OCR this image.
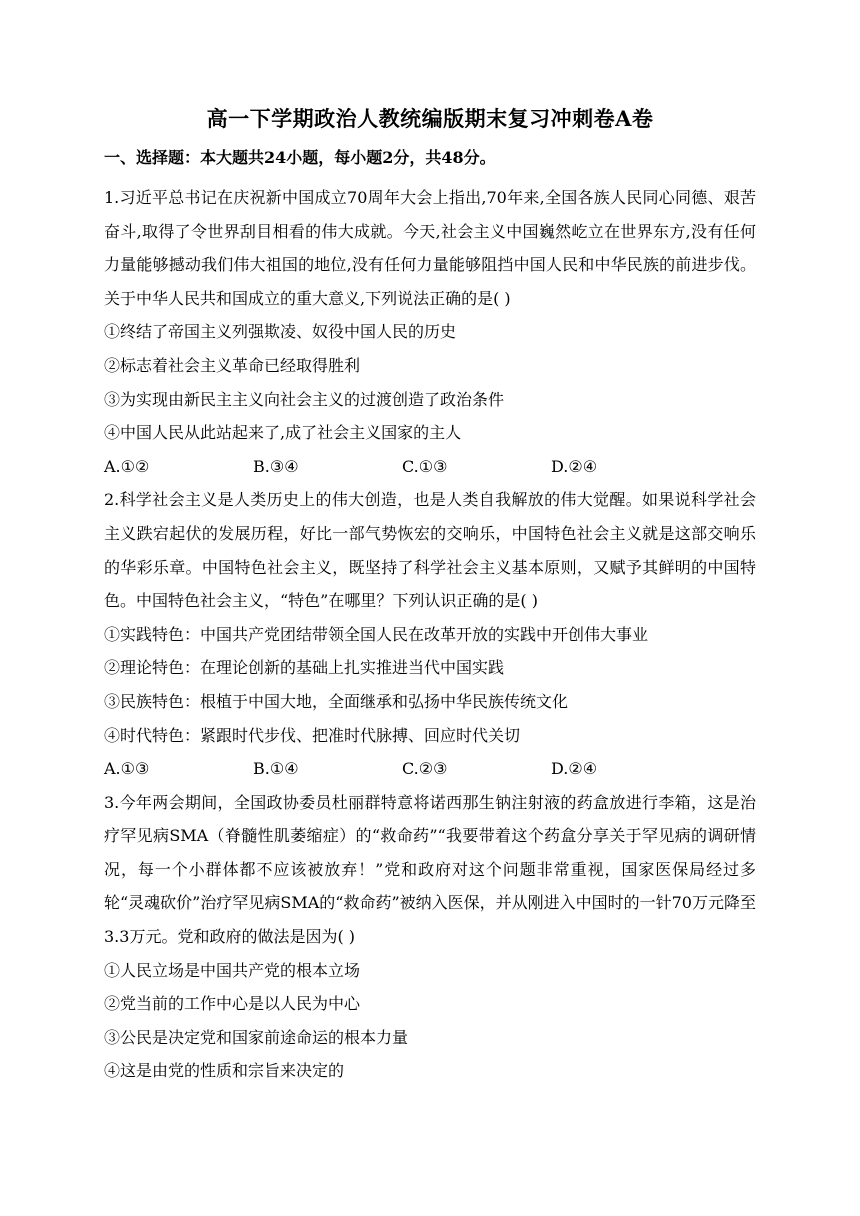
高一下学期政治人教统编版期末复习冲刺卷A卷
一、选择题：本大题共24小题，每小题2分，共48分。

1.习近平总书记在庆祝新中国成立70周年大会上指出,70年来,全国各族人民同心同德、艰苦奋斗,取得了令世界刮目相看的伟大成就。今天,社会主义中国巍然屹立在世界东方,没有任何力量能够撼动我们伟大祖国的地位,没有任何力量能够阻挡中国人民和中华民族的前进步伐。关于中华人民共和国成立的重大意义,下列说法正确的是( )

①终结了帝国主义列强欺凌、奴役中国人民的历史

②标志着社会主义革命已经取得胜利

③为实现由新民主主义向社会主义的过渡创造了政治条件

④中国人民从此站起来了,成了社会主义国家的主人

A.①②	B.③④	C.①③	D.②④

2.科学社会主义是人类历史上的伟大创造，也是人类自我解放的伟大觉醒。如果说科学社会主义跌宕起伏的发展历程，好比一部气势恢宏的交响乐，中国特色社会主义就是这部交响乐的华彩乐章。中国特色社会主义，既坚持了科学社会主义基本原则，又赋予其鲜明的中国特色。中国特色社会主义，“特色”在哪里？下列认识正确的是( )

①实践特色：中国共产党团结带领全国人民在改革开放的实践中开创伟大事业

②理论特色：在理论创新的基础上扎实推进当代中国实践

③民族特色：根植于中国大地，全面继承和弘扬中华民族传统文化

④时代特色：紧跟时代步伐、把准时代脉搏、回应时代关切

A.①③	B.①④	C.②③	D.②④

3.今年两会期间，全国政协委员杜丽群特意将诺西那生钠注射液的药盒放进行李箱，这是治疗罕见病SMA（脊髓性肌萎缩症）的“救命药”“我要带着这个药盒分享关于罕见病的调研情况，每一个小群体都不应该被放弃！”党和政府对这个问题非常重视，国家医保局经过多轮“灵魂砍价”治疗罕见病SMA的“救命药”被纳入医保，并从刚进入中国时的一针70万元降至3.3万元。党和政府的做法是因为( )

①人民立场是中国共产党的根本立场

②党当前的工作中心是以人民为中心

③公民是决定党和国家前途命运的根本力量

④这是由党的性质和宗旨来决定的
